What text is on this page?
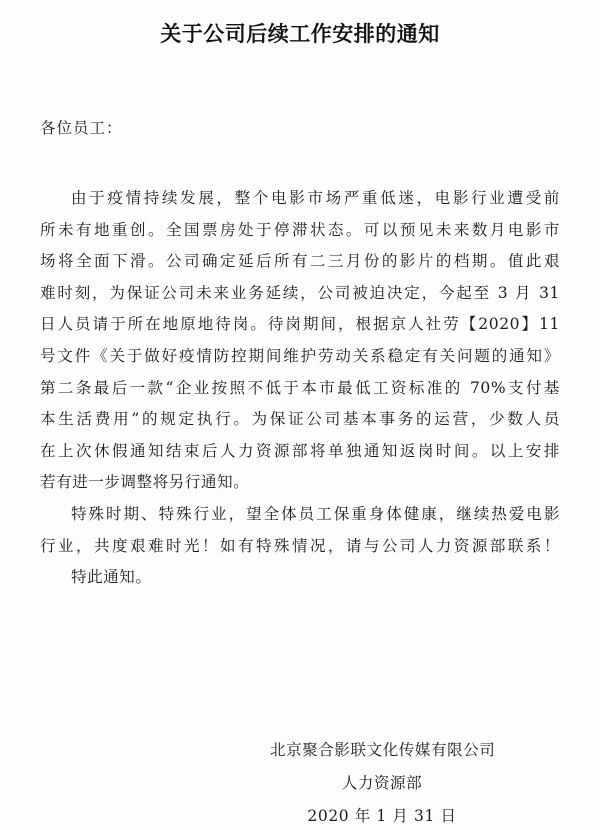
关于公司后续工作安排的通知
各位员工：
由于疫情持续发展，整个电影市场严重低迷，电影行业遭受前
所未有地重创。全国票房处于停滞状态。可以预见未来数月电影市
场将全面下滑。公司确定延后所有二三月份的影片的档期。值此艰
难时刻，为保证公司未来业务延续，公司被迫决定，今起至 3 月 31
日人员请于所在地原地待岗。待岗期间，根据京人社劳【2020】11
号文件《关于做好疫情防控期间维护劳动关系稳定有关问题的通知》
第二条最后一款“企业按照不低于本市最低工资标准的 70%支付基
本生活费用”的规定执行。为保证公司基本事务的运营，少数人员
在上次休假通知结束后人力资源部将单独通知返岗时间。以上安排
若有进一步调整将另行通知。
特殊时期、特殊行业，望全体员工保重身体健康，继续热爱电影
行业，共度艰难时光！如有特殊情况，请与公司人力资源部联系！
特此通知。
北京聚合影联文化传媒有限公司
人力资源部
2020 年 1 月 31 日
